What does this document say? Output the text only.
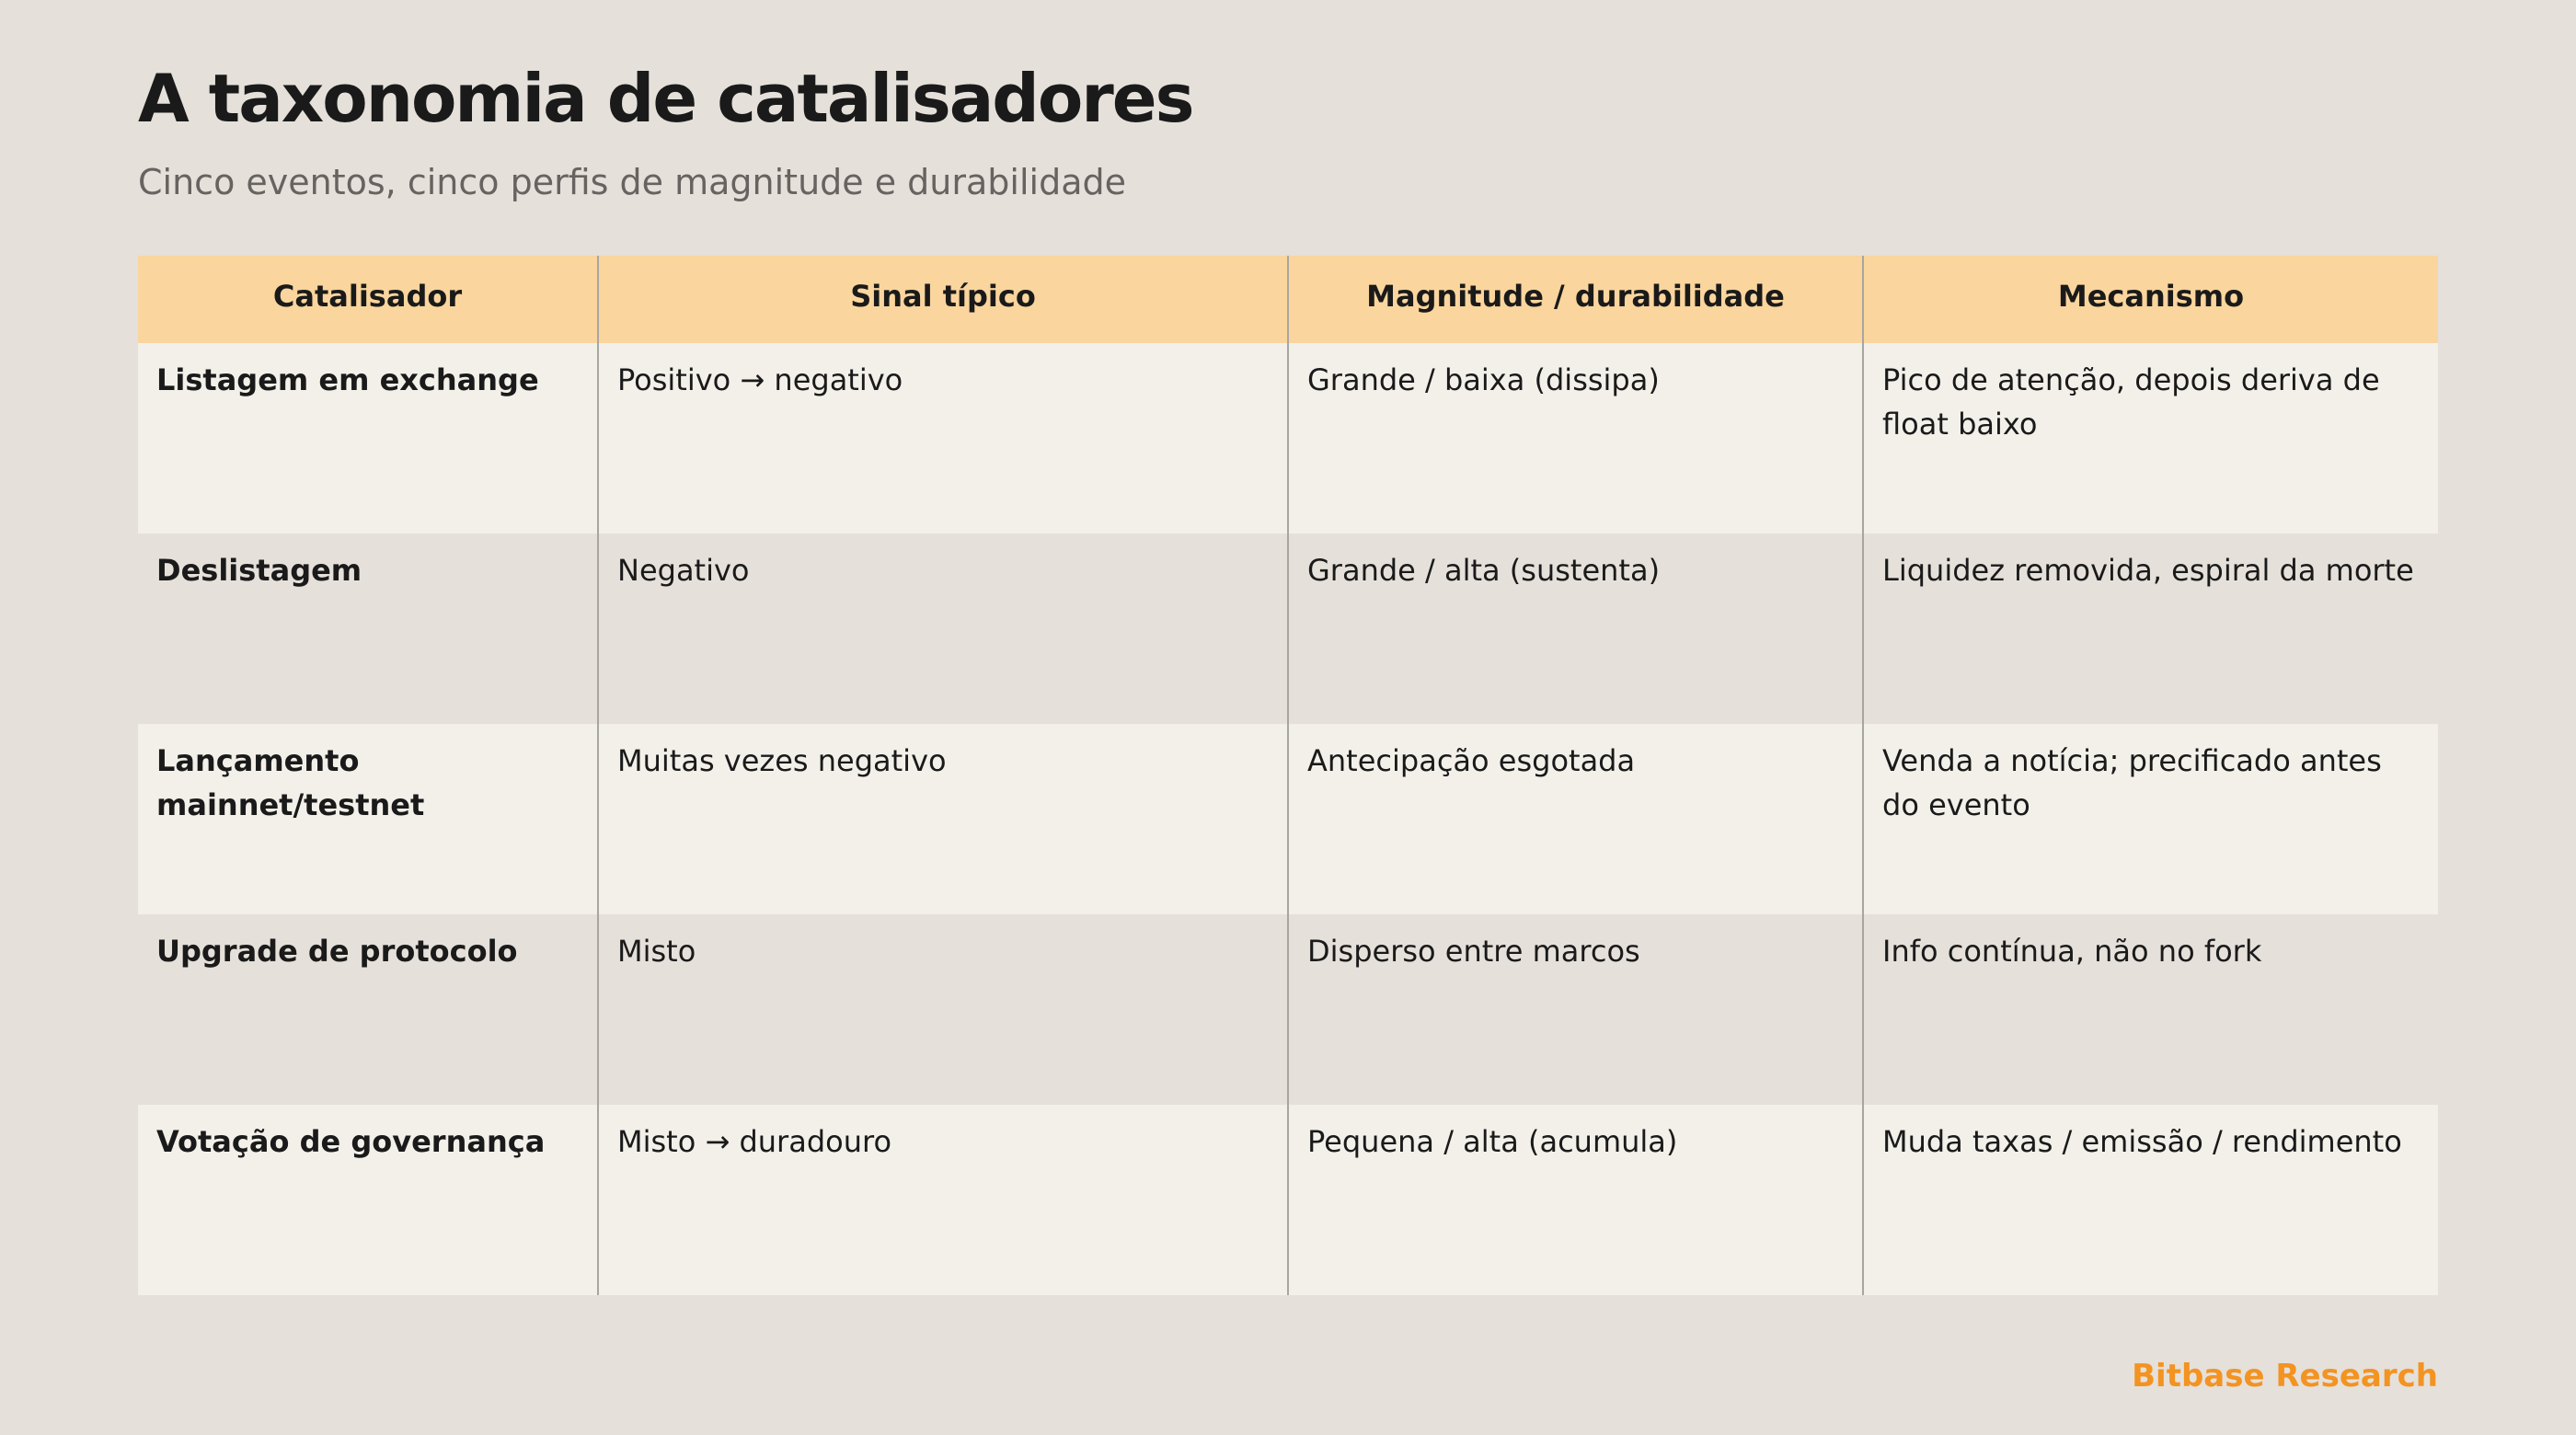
A taxonomia de catalisadores
Cinco eventos, cinco perfis de magnitude e durabilidade
Catalisador	Sinal típico	Magnitude / durabilidade	Mecanismo
Listagem em exchange	Positivo → negativo	Grande / baixa (dissipa)	Pico de atenção, depois deriva de float baixo
Deslistagem	Negativo	Grande / alta (sustenta)	Liquidez removida, espiral da morte
Lançamento mainnet/testnet	Muitas vezes negativo	Antecipação esgotada	Venda a notícia; precificado antes do evento
Upgrade de protocolo	Misto	Disperso entre marcos	Info contínua, não no fork
Votação de governança	Misto → duradouro	Pequena / alta (acumula)	Muda taxas / emissão / rendimento
Bitbase Research
